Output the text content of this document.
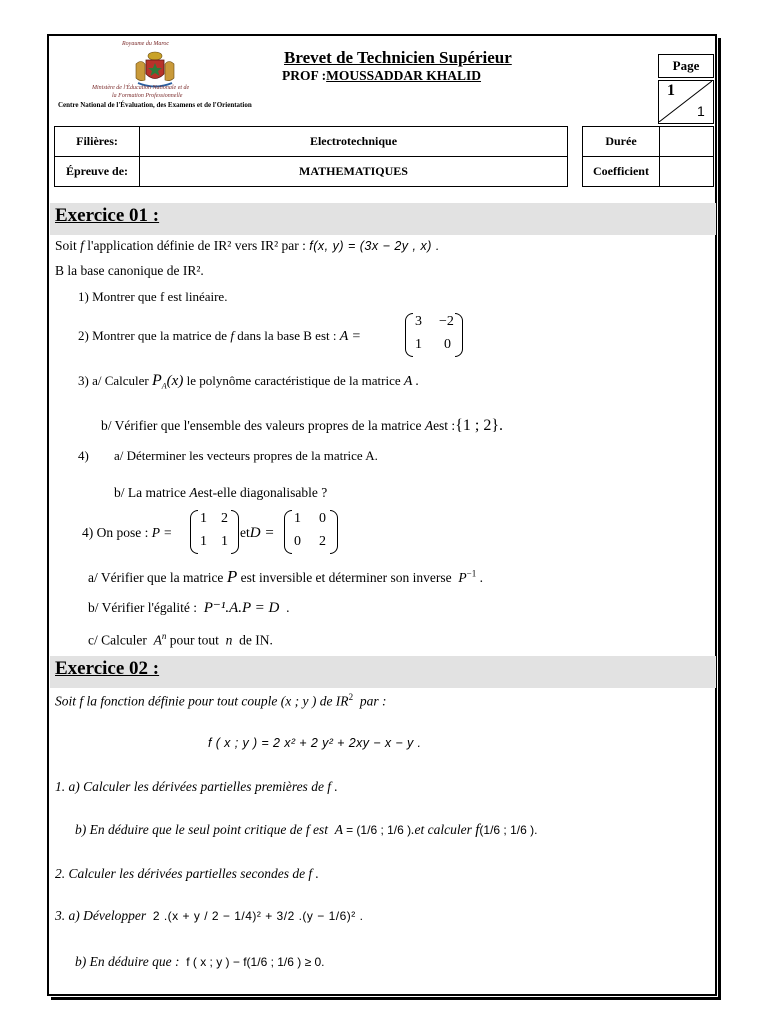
Royaume du Maroc
Ministère de l'Éducation Nationale et de
la Formation Professionnelle
Centre National de l'Évaluation, des Examens et de l'Orientation
Brevet de Technicien Supérieur
PROF :MOUSSADDAR KHALID
Page
1
1
Filières:	Electrotechnique
Épreuve de:	MATHEMATIQUES
Durée	
Coefficient	
Exercice 01 :
Soit f l'application définie de IR² vers IR² par : f(x, y) = (3x − 2y , x) .
B la base canonique de IR².
1) Montrer que f est linéaire.
2) Montrer que la matrice de f dans la base B est : A =
3 −2
1 0
3) a/ Calculer $P_A(x)$ le polynôme caractéristique de la matrice A .
b/ Vérifier que l'ensemble des valeurs propres de la matrice Aest :{1 ; 2}.
4) a/ Déterminer les vecteurs propres de la matrice A.
b/ La matrice Aest-elle diagonalisable ?
4) On pose : P =
1 2
1 1
etD =
1 0
0 2
a/ Vérifier que la matrice P est inversible et déterminer son inverse $P^{-1}$ .
b/ Vérifier l'égalité : P⁻¹.A.P = D .
c/ Calculer $A^n$ pour tout n de IN.
Exercice 02 :
Soit f la fonction définie pour tout couple (x ; y ) de $IR^2$ par :
f ( x ; y ) = 2 x² + 2 y² + 2xy − x − y .
1. a) Calculer les dérivées partielles premières de f .
b) En déduire que le seul point critique de f est A = (1/6 ; 1/6 ).et calculer f(1/6 ; 1/6 ).
2. Calculer les dérivées partielles secondes de f .
3. a) Développer 2 .(x + y / 2 − 1/4)² + 3/2 .(y − 1/6)² .
b) En déduire que : f ( x ; y ) − f(1/6 ; 1/6 ) ≥ 0.
